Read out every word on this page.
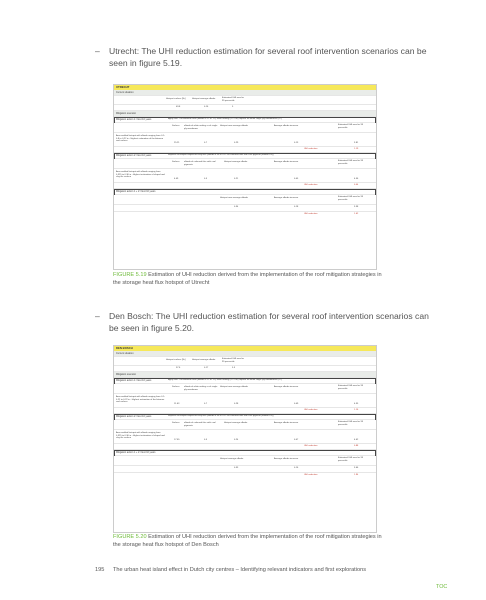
– Utrecht: The UHI reduction estimation for several roof intervention scenarios can be seen in figure 5.19.
UTRECHT
Current situation
Hotspot surface [‰]	Hotspot average albedo	Estimated UHI max for 95 percentile
49.8	0.16	5
Mitigation scenario
Mitigation action 1: Next 10 years	Apply one: The bitumen roofs (albedo 0.12 to .22) while roofing (0.72-98) replace for white single ply membranes (0.7)
Surface albedo of white roofing or of single ply membrane
Hotspot new average albedo	Average albedo increase	Estimated UHI max for 95 percentile
Area welded hotspot with albedo ranging from 0.1-0.8 to 0.22 in - Highest estimation of the bitumen roof surface
25.21	0.7	0.29	0.13	3.81
UHI reduction	1.19
Mitigation action 2: Next 10 years	Replace all hotspot sloped red clay tiles (albedo 0.36 to 0.22 for coloured tiles with cool pigment (albedo 0.5))
Surface albedo of coloured tiles with cool pigments
Hotspot average albedo	Average albedo increase	Estimated UHI max for 95 percentile
Area welded hotspot with albedo ranging from 0.325 to 0.36 in - Highest estimation of sloped roof clay tile surface
4.09	0.5	0.21	0.05	4.56
UHI reduction	0.44
Mitigation action 1 + 2: Next 10 years
Hotspot new average albedo	Average albedo increase	Estimated UHI max for 95 percentile
0.34	0.18	3.38
UHI reduction	1.62
FIGURE 5.19 Estimation of UHI reduction derived from the implementation of the roof mitigation strategies in the storage heat flux hotspot of Utrecht
– Den Bosch: The UHI reduction estimation for several roof intervention scenarios can be seen in figure 5.20.
DEN BOSCH
Current situation
Hotspot surface [‰]	Hotspot average albedo	Estimated UHI max for 95 percentile
37.6	0.17	5.5
Mitigation scenario
Mitigation action 1: Next 10 years	Apply one: The bitumen roofs (albedo 0.12 to .22) while roofing (0.72-98) replace for white single ply membranes (0.7)
Surface albedo of white roofing or of single ply membrane
Hotspot new average albedo	Average albedo increase	Estimated UHI max for 95 percentile
Area welded hotspot with albedo ranging from 0.1-0.22 to 0.22 in - Highest estimation of the bitumen roof surface
11.63	0.7	0.28	0.09	4.35
UHI reduction	1.16
Mitigation action 2: Next 10 years	Replace all hotspot sloped red clay tiles (albedo 0.36 to 0.22 for coloured tiles with cool pigment (albedo 0.5))
Surface albedo of coloured tiles with cool pigments
Hotspot average albedo	Average albedo increase	Estimated UHI max for 95 percentile
Area welded hotspot with albedo ranging from 0.325 to 0.36 in - Highest estimation of sloped roof clay tile surface
17.65	0.5	0.24	0.07	4.62
UHI reduction	0.88
Mitigation action 1 + 2: Next 10 years
Hotspot average albedo	Average albedo increase	Estimated UHI max for 95 percentile
0.33	0.16	3.66
UHI reduction	1.94
FIGURE 5.20 Estimation of UHI reduction derived from the implementation of the roof mitigation strategies in the storage heat flux hotspot of Den Bosch
195 The urban heat island effect in Dutch city centres – Identifying relevant indicators and first explorations
TOC
